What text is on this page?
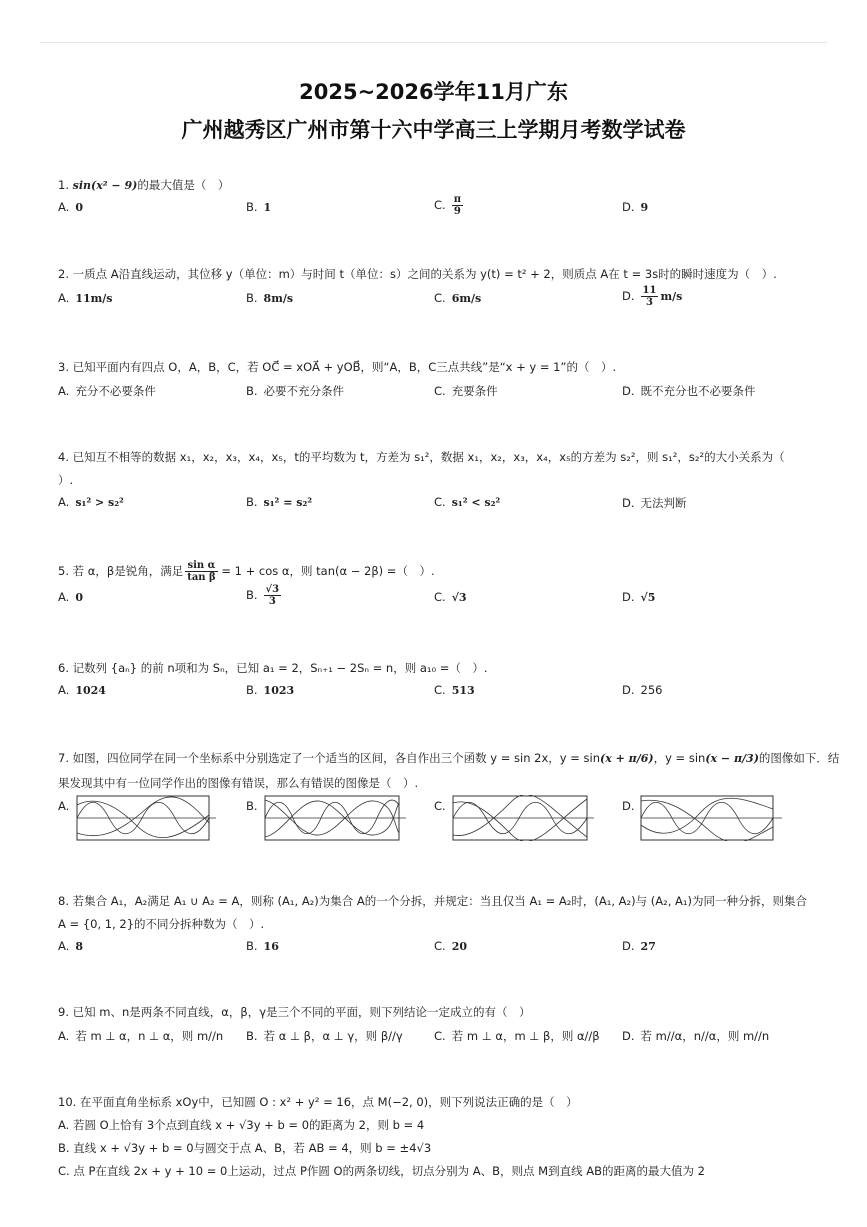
2025~2026学年11月广东
广州越秀区广州市第十六中学高三上学期月考数学试卷
1. sin(x² − 9)的最大值是（　）
A. 0	B. 1	C. $\frac{\pi}{9}$	D. 9
2. 一质点 A沿直线运动，其位移 y（单位：m）与时间 t（单位：s）之间的关系为 y(t) = t² + 2，则质点 A在 t = 3s时的瞬时速度为（　）.
A. 11m/s	B. 8m/s	C. 6m/s	D. $\frac{11}{3} m/s$
3. 已知平面内有四点 O，A，B，C，若 OC⃗ = xOA⃗ + yOB⃗，则“A，B，C三点共线”是“x + y = 1”的（　）.
A. 充分不必要条件	B. 必要不充分条件	C. 充要条件	D. 既不充分也不必要条件
4. 已知互不相等的数据 x₁，x₂，x₃，x₄，x₅，t的平均数为 t，方差为 s₁²，数据 x₁，x₂，x₃，x₄，x₅的方差为 s₂²，则 s₁²，s₂²的大小关系为（
）.
A. s₁² > s₂²	B. s₁² = s₂²	C. s₁² < s₂²	D. 无法判断
5. 若 α，β是锐角，满足 $\frac{\text{sin α}}{\text{tan β}} = 1 + \cos \alpha$，则 tan(α − 2β) =（　）.
A. 0	B. $\frac{√3}{3}$	C. √3	D. √5
6. 记数列 {aₙ} 的前 n项和为 Sₙ，已知 a₁ = 2，Sₙ₊₁ − 2Sₙ = n，则 a₁₀ =（　）.
A. 1024	B. 1023	C. 513	D. 256
7. 如图，四位同学在同一个坐标系中分别选定了一个适当的区间，各自作出三个函数 y = sin 2x，y = sin(x + π/6)，y = sin(x − π/3)的图像如下．结
果发现其中有一位同学作出的图像有错误，那么有错误的图像是（　）.
A.	B.	C.	D.
8. 若集合 A₁，A₂满足 A₁ ∪ A₂ = A，则称 (A₁, A₂)为集合 A的一个分拆，并规定：当且仅当 A₁ = A₂时，(A₁, A₂)与 (A₂, A₁)为同一种分拆，则集合
A = {0, 1, 2}的不同分拆种数为（　）.
A. 8	B. 16	C. 20	D. 27
9. 已知 m、n是两条不同直线，α，β，γ是三个不同的平面，则下列结论一定成立的有（　）
A. 若 m ⊥ α，n ⊥ α，则 m//n B. 若 α ⊥ β，α ⊥ γ，则 β//γ	C. 若 m ⊥ α，m ⊥ β，则 α//β D. 若 m//α，n//α，则 m//n
10. 在平面直角坐标系 xOy中，已知圆 O : x² + y² = 16，点 M(−2, 0)，则下列说法正确的是（　）
A. 若圆 O上恰有 3个点到直线 x + √3y + b = 0的距离为 2，则 b = 4
B. 直线 x + √3y + b = 0与圆交于点 A、B，若 AB = 4，则 b = ±4√3
C. 点 P在直线 2x + y + 10 = 0上运动，过点 P作圆 O的两条切线，切点分别为 A、B，则点 M到直线 AB的距离的最大值为 2
